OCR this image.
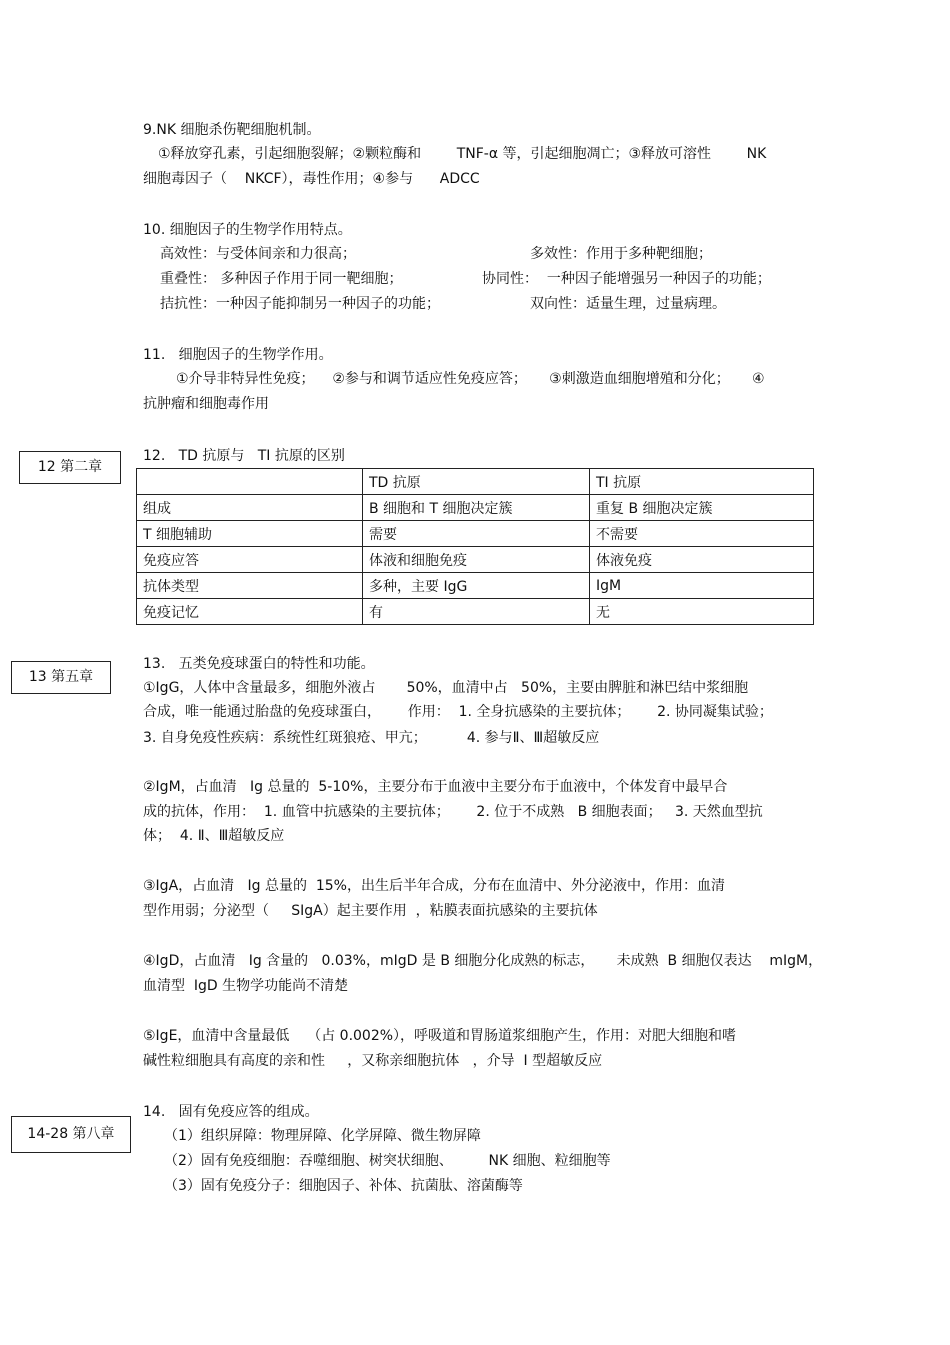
9.NK 细胞杀伤靶细胞机制。
①释放穿孔素，引起细胞裂解；②颗粒酶和        TNF-α 等，引起细胞凋亡；③释放可溶性        NK
细胞毒因子（    NKCF），毒性作用；④参与      ADCC
10. 细胞因子的生物学作用特点。
高效性：与受体间亲和力很高；	多效性：作用于多种靶细胞；
重叠性： 多种因子作用于同一靶细胞；	协同性：  一种因子能增强另一种因子的功能；
拮抗性：一种因子能抑制另一种因子的功能；	双向性：适量生理，过量病理。
11.   细胞因子的生物学作用。
①介导非特异性免疫；    ②参与和调节适应性免疫应答；     ③刺激造血细胞增殖和分化；     ④
抗肿瘤和细胞毒作用
12 第二章
12.   TD 抗原与   TI 抗原的区别
	TD 抗原	TI 抗原
组成	B 细胞和 T 细胞决定簇	重复 B 细胞决定簇
T 细胞辅助	需要	不需要
免疫应答	体液和细胞免疫	体液免疫
抗体类型	多种，主要 IgG	IgM
免疫记忆	有	无
13 第五章
13.   五类免疫球蛋白的特性和功能。
①IgG，人体中含量最多，细胞外液占       50%，血清中占   50%，主要由脾脏和淋巴结中浆细胞
合成，唯一能通过胎盘的免疫球蛋白，      作用：  1. 全身抗感染的主要抗体；      2. 协同凝集试验；
3. 自身免疫性疾病：系统性红斑狼疮、甲亢；         4. 参与Ⅱ、Ⅲ超敏反应
②IgM，占血清   Ig 总量的  5-10%，主要分布于血液中主要分布于血液中，个体发育中最早合
成的抗体，作用：  1. 血管中抗感染的主要抗体；      2. 位于不成熟   B 细胞表面；   3. 天然血型抗
体；  4. Ⅱ、Ⅲ超敏反应
③IgA，占血清   Ig 总量的  15%，出生后半年合成，分布在血清中、外分泌液中，作用：血清
型作用弱；分泌型（     SIgA）起主要作用  ，粘膜表面抗感染的主要抗体
④IgD，占血清   Ig 含量的   0.03%，mIgD 是 B 细胞分化成熟的标志，     未成熟  B 细胞仅表达    mIgM，
血清型  IgD 生物学功能尚不清楚
⑤IgE，血清中含量最低    （占 0.002%），呼吸道和胃肠道浆细胞产生，作用：对肥大细胞和嗜
碱性粒细胞具有高度的亲和性     ，又称亲细胞抗体   ，介导  I 型超敏反应
14-28 第八章
14.   固有免疫应答的组成。
（1）组织屏障：物理屏障、化学屏障、微生物屏障
（2）固有免疫细胞：吞噬细胞、树突状细胞、        NK 细胞、粒细胞等
（3）固有免疫分子：细胞因子、补体、抗菌肽、溶菌酶等
